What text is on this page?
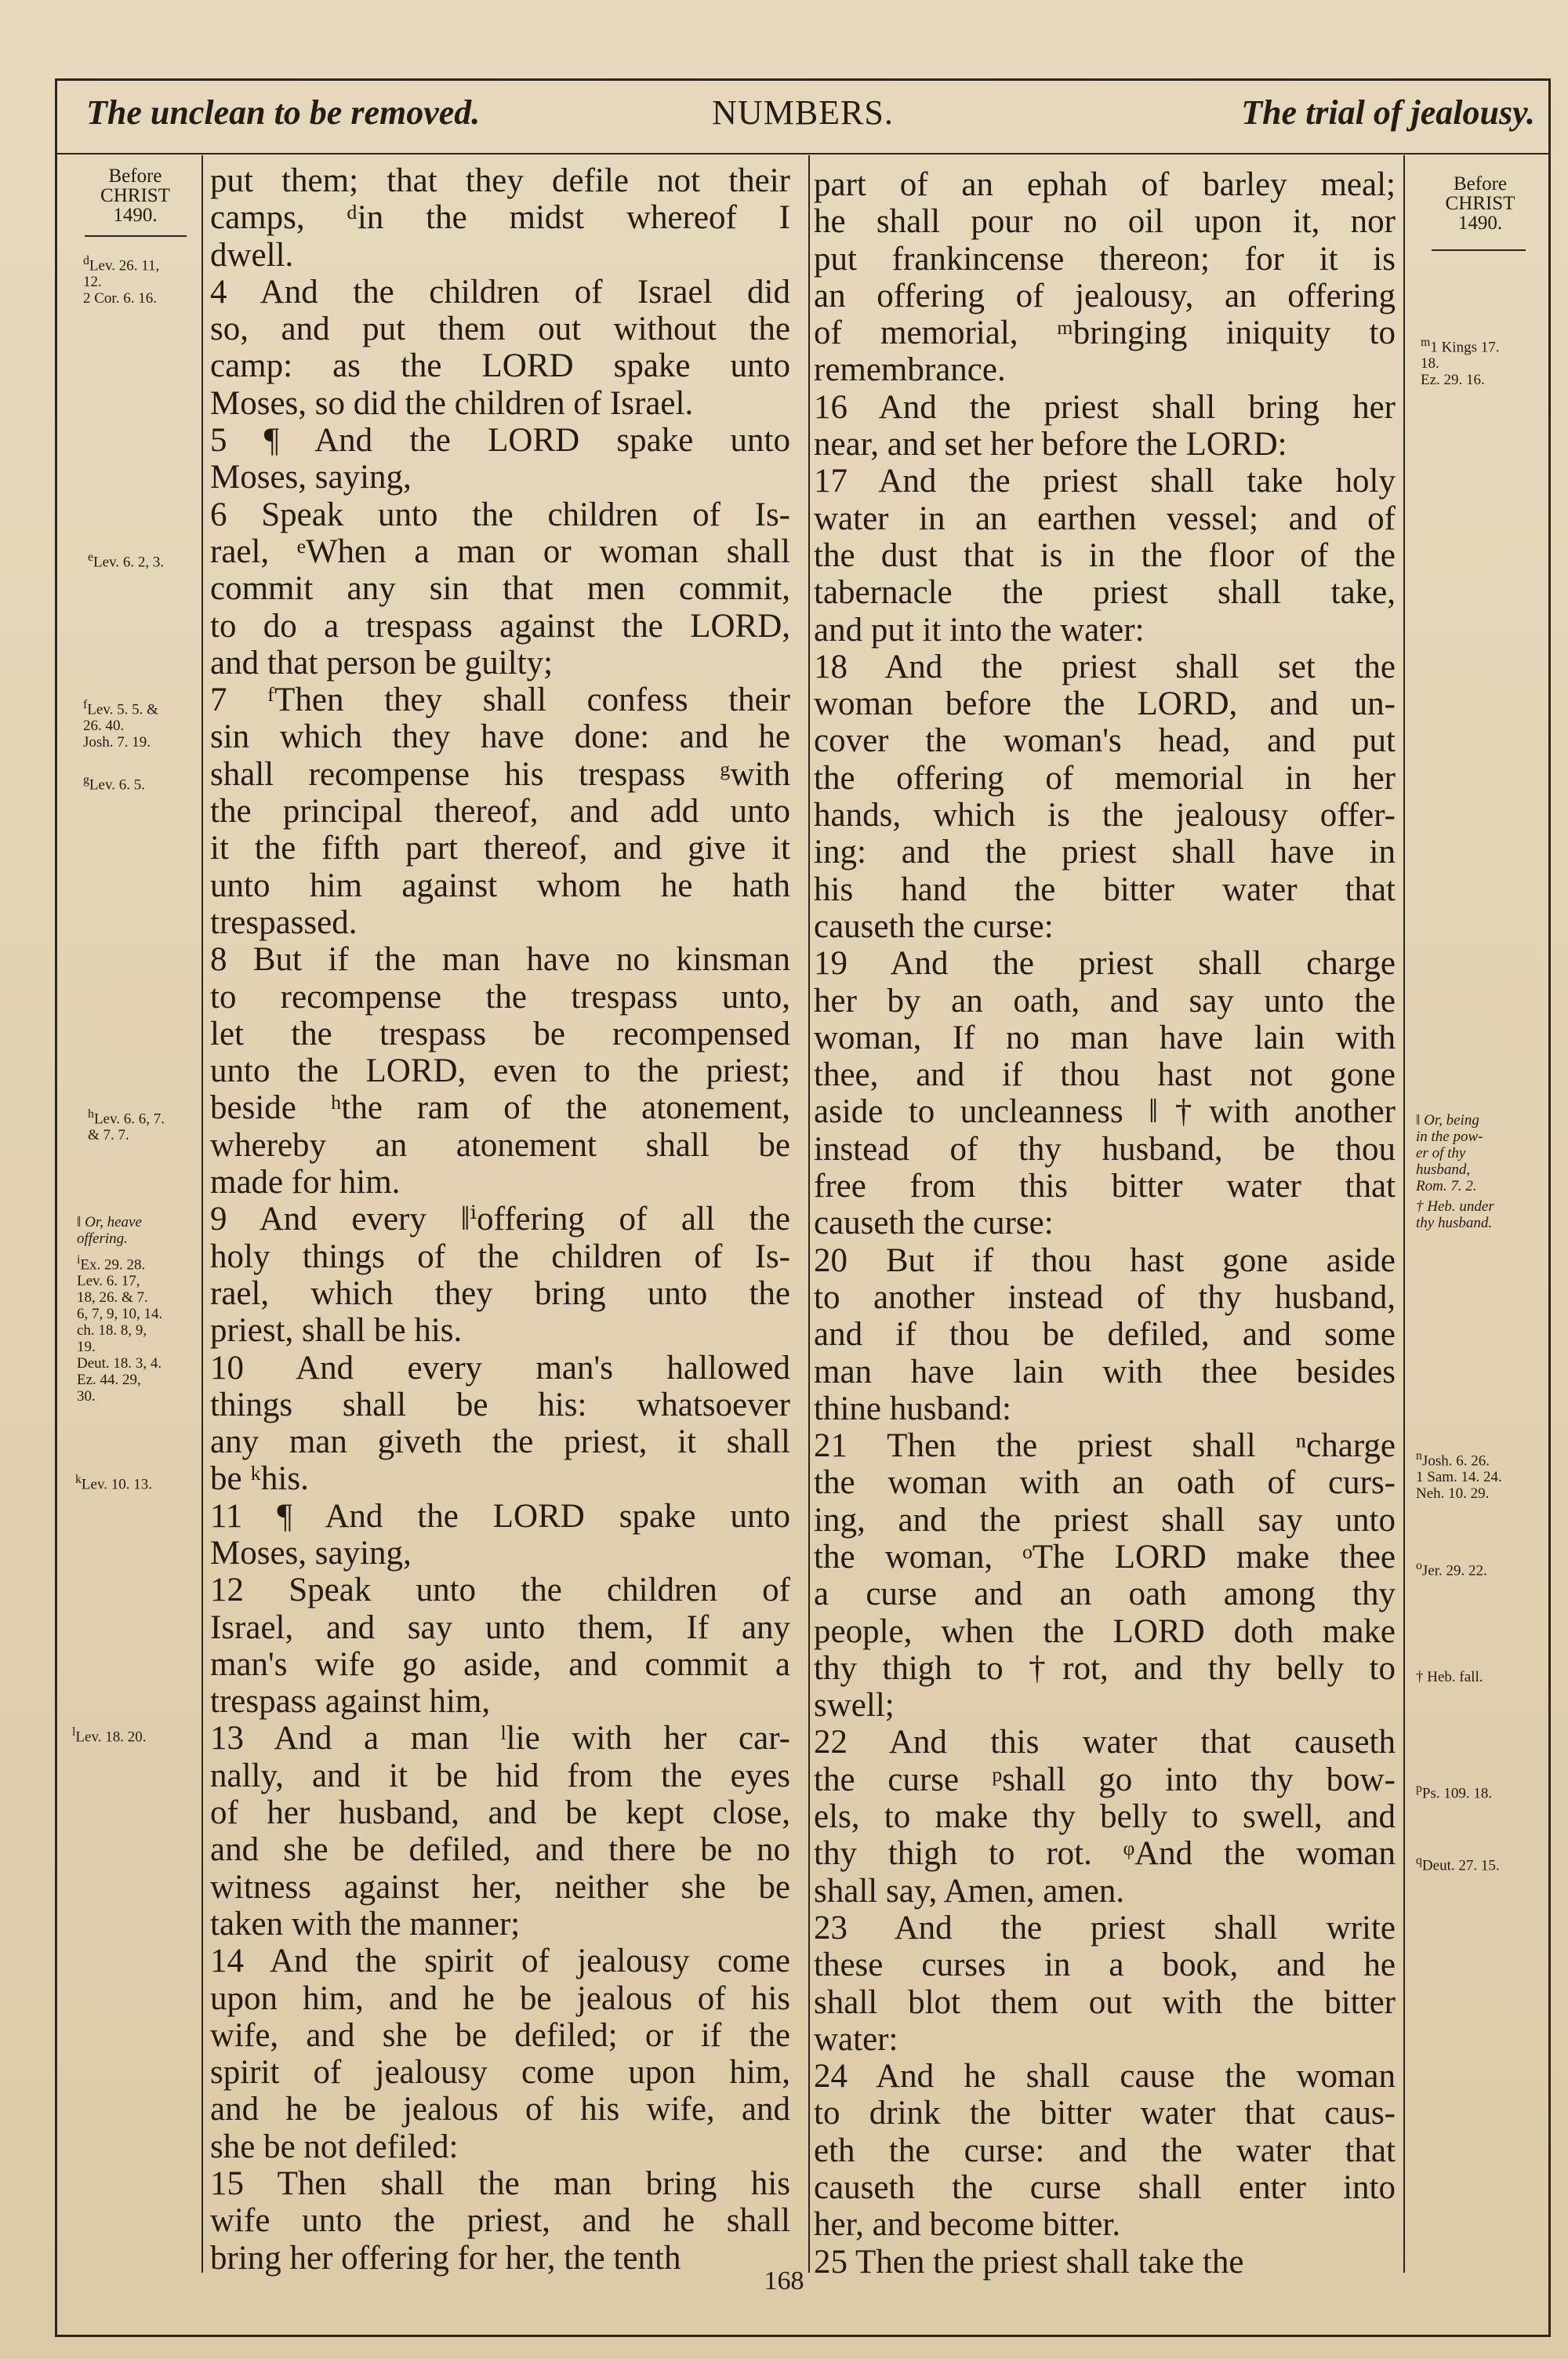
The unclean to be removed.	NUMBERS.	The trial of jealousy.
Before
CHRIST
1490.
Before
CHRIST
1490.
$^d$Lev. 26. 11,
12.
2 Cor. 6. 16.
$^e$Lev. 6. 2, 3.
$^f$Lev. 5. 5. &
26. 40.
Josh. 7. 19.
$^g$Lev. 6. 5.
$^h$Lev. 6. 6, 7.
& 7. 7.
‖ Or, heave
offering.
$^i$Ex. 29. 28.
Lev. 6. 17,
18, 26. & 7.
6, 7, 9, 10, 14.
ch. 18. 8, 9,
19.
Deut. 18. 3, 4.
Ez. 44. 29,
30.
$^k$Lev. 10. 13.
$^l$Lev. 18. 20.
$^m$1 Kings 17.
18.
Ez. 29. 16.
‖ Or, being
in the pow-
er of thy
husband,
Rom. 7. 2.
† Heb. under
thy husband.
$^n$Josh. 6. 26.
1 Sam. 14. 24.
Neh. 10. 29.
$^o$Jer. 29. 22.
† Heb. fall.
$^p$Ps. 109. 18.
$^q$Deut. 27. 15.
put them; that they defile not their
camps, ᵈin the midst whereof I
dwell.
4 And the children of Israel did
so, and put them out without the
camp: as the LORD spake unto
Moses, so did the children of Israel.
5 ¶ And the LORD spake unto
Moses, saying,
6 Speak unto the children of Is-
rael, ᵉWhen a man or woman shall
commit any sin that men commit,
to do a trespass against the LORD,
and that person be guilty;
7 ᶠThen they shall confess their
sin which they have done: and he
shall recompense his trespass ᵍwith
the principal thereof, and add unto
it the fifth part thereof, and give it
unto him against whom he hath
trespassed.
8 But if the man have no kinsman
to recompense the trespass unto,
let the trespass be recompensed
unto the LORD, even to the priest;
beside ʰthe ram of the atonement,
whereby an atonement shall be
made for him.
9 And every ‖ⁱoffering of all the
holy things of the children of Is-
rael, which they bring unto the
priest, shall be his.
10 And every man's hallowed
things shall be his: whatsoever
any man giveth the priest, it shall
be ᵏhis.
11 ¶ And the LORD spake unto
Moses, saying,
12 Speak unto the children of
Israel, and say unto them, If any
man's wife go aside, and commit a
trespass against him,
13 And a man ˡlie with her car-
nally, and it be hid from the eyes
of her husband, and be kept close,
and she be defiled, and there be no
witness against her, neither she be
taken with the manner;
14 And the spirit of jealousy come
upon him, and he be jealous of his
wife, and she be defiled; or if the
spirit of jealousy come upon him,
and he be jealous of his wife, and
she be not defiled:
15 Then shall the man bring his
wife unto the priest, and he shall
bring her offering for her, the tenth
part of an ephah of barley meal;
he shall pour no oil upon it, nor
put frankincense thereon; for it is
an offering of jealousy, an offering
of memorial, ᵐbringing iniquity to
remembrance.
16 And the priest shall bring her
near, and set her before the LORD:
17 And the priest shall take holy
water in an earthen vessel; and of
the dust that is in the floor of the
tabernacle the priest shall take,
and put it into the water:
18 And the priest shall set the
woman before the LORD, and un-
cover the woman's head, and put
the offering of memorial in her
hands, which is the jealousy offer-
ing: and the priest shall have in
his hand the bitter water that
causeth the curse:
19 And the priest shall charge
her by an oath, and say unto the
woman, If no man have lain with
thee, and if thou hast not gone
aside to uncleanness ‖†with another
instead of thy husband, be thou
free from this bitter water that
causeth the curse:
20 But if thou hast gone aside
to another instead of thy husband,
and if thou be defiled, and some
man have lain with thee besides
thine husband:
21 Then the priest shall ⁿcharge
the woman with an oath of curs-
ing, and the priest shall say unto
the woman, ᵒThe LORD make thee
a curse and an oath among thy
people, when the LORD doth make
thy thigh to †rot, and thy belly to
swell;
22 And this water that causeth
the curse ᵖshall go into thy bow-
els, to make thy belly to swell, and
thy thigh to rot. ᵠAnd the woman
shall say, Amen, amen.
23 And the priest shall write
these curses in a book, and he
shall blot them out with the bitter
water:
24 And he shall cause the woman
to drink the bitter water that caus-
eth the curse: and the water that
causeth the curse shall enter into
her, and become bitter.
25 Then the priest shall take the
168
